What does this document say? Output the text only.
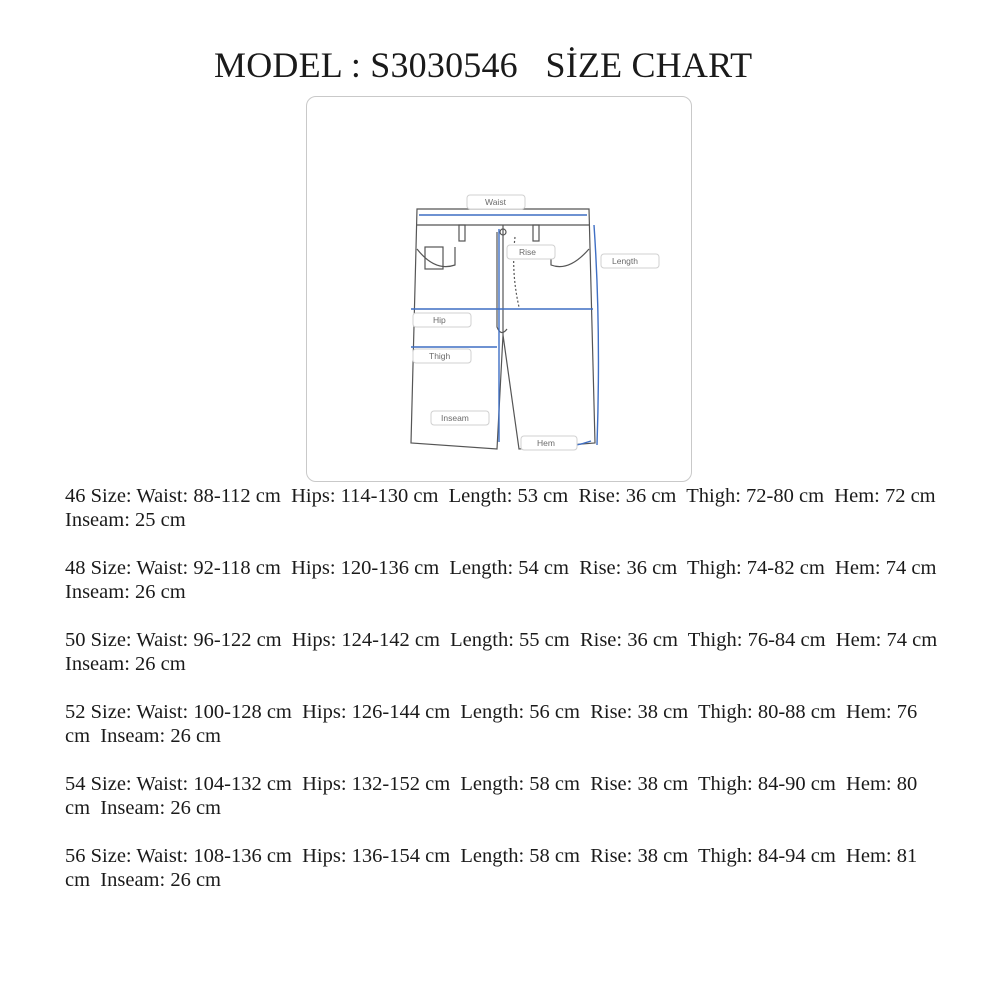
MODEL : S3030546   SİZE CHART
Waist
Rise
Length
Hip
Thigh
Inseam
Hem

46 Size: Waist: 88-112 cm  Hips: 114-130 cm  Length: 53 cm  Rise: 36 cm  Thigh: 72-80 cm  Hem: 72 cm  Inseam: 25 cm

48 Size: Waist: 92-118 cm  Hips: 120-136 cm  Length: 54 cm  Rise: 36 cm  Thigh: 74-82 cm  Hem: 74 cm  Inseam: 26 cm

50 Size: Waist: 96-122 cm  Hips: 124-142 cm  Length: 55 cm  Rise: 36 cm  Thigh: 76-84 cm  Hem: 74 cm  Inseam: 26 cm

52 Size: Waist: 100-128 cm  Hips: 126-144 cm  Length: 56 cm  Rise: 38 cm  Thigh: 80-88 cm  Hem: 76 cm  Inseam: 26 cm

54 Size: Waist: 104-132 cm  Hips: 132-152 cm  Length: 58 cm  Rise: 38 cm  Thigh: 84-90 cm  Hem: 80 cm  Inseam: 26 cm

56 Size: Waist: 108-136 cm  Hips: 136-154 cm  Length: 58 cm  Rise: 38 cm  Thigh: 84-94 cm  Hem: 81 cm  Inseam: 26 cm
